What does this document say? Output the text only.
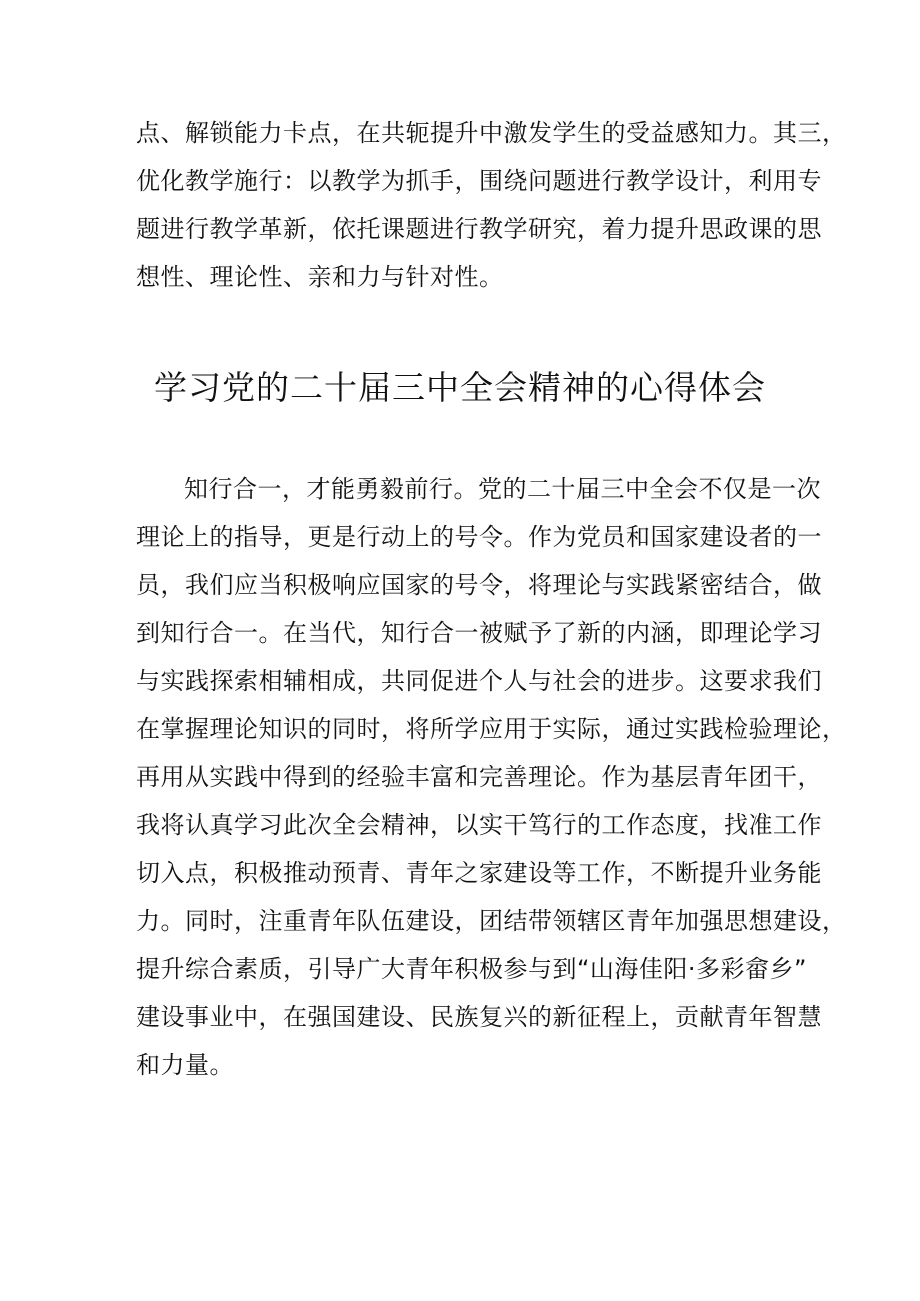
点、解锁能力卡点，在共轭提升中激发学生的受益感知力。其三，
优化教学施行：以教学为抓手，围绕问题进行教学设计，利用专
题进行教学革新，依托课题进行教学研究，着力提升思政课的思
想性、理论性、亲和力与针对性。
学习党的二十届三中全会精神的心得体会
知行合一，才能勇毅前行。党的二十届三中全会不仅是一次
理论上的指导，更是行动上的号令。作为党员和国家建设者的一
员，我们应当积极响应国家的号令，将理论与实践紧密结合，做
到知行合一。在当代，知行合一被赋予了新的内涵，即理论学习
与实践探索相辅相成，共同促进个人与社会的进步。这要求我们
在掌握理论知识的同时，将所学应用于实际，通过实践检验理论，
再用从实践中得到的经验丰富和完善理论。作为基层青年团干，
我将认真学习此次全会精神，以实干笃行的工作态度，找准工作
切入点，积极推动预青、青年之家建设等工作，不断提升业务能
力。同时，注重青年队伍建设，团结带领辖区青年加强思想建设，
提升综合素质，引导广大青年积极参与到“山海佳阳·多彩畲乡”
建设事业中，在强国建设、民族复兴的新征程上，贡献青年智慧
和力量。
